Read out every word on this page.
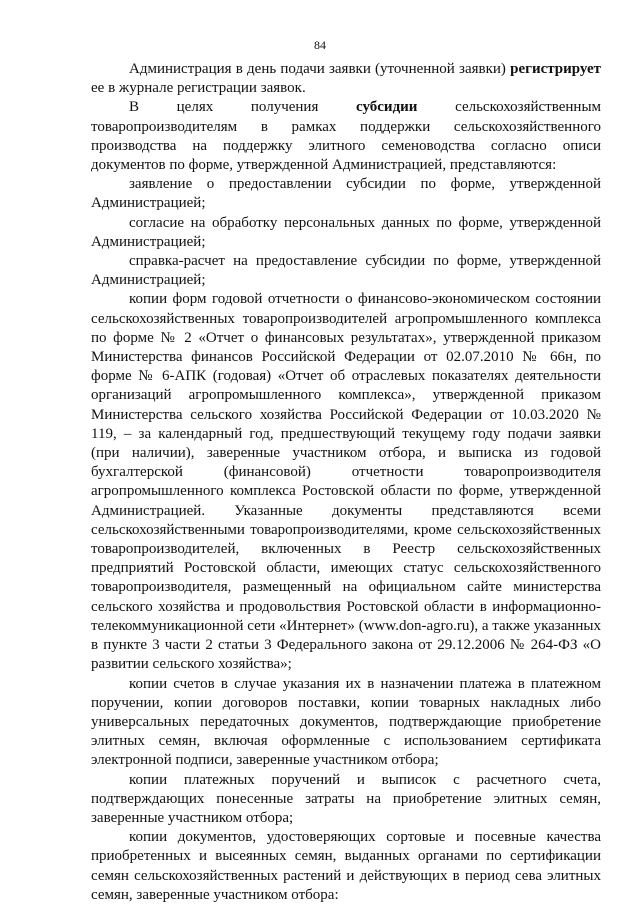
84

Администрация в день подачи заявки (уточненной заявки) регистрирует ее в журнале регистрации заявок.

В целях получения субсидии сельскохозяйственным товаропроизводителям в рамках поддержки сельскохозяйственного производства на поддержку элитного семеноводства согласно описи документов по форме, утвержденной Администрацией, представляются:

заявление о предоставлении субсидии по форме, утвержденной Администрацией;

согласие на обработку персональных данных по форме, утвержденной Администрацией;

справка-расчет на предоставление субсидии по форме, утвержденной Администрацией;

копии форм годовой отчетности о финансово-экономическом состоянии сельскохозяйственных товаропроизводителей агропромышленного комплекса по форме № 2 «Отчет о финансовых результатах», утвержденной приказом Министерства финансов Российской Федерации от 02.07.2010 № 66н, по форме № 6-АПК (годовая) «Отчет об отраслевых показателях деятельности организаций агропромышленного комплекса», утвержденной приказом Министерства сельского хозяйства Российской Федерации от 10.03.2020 № 119, – за календарный год, предшествующий текущему году подачи заявки (при наличии), заверенные участником отбора, и выписка из годовой бухгалтерской (финансовой) отчетности товаропроизводителя агропромышленного комплекса Ростовской области по форме, утвержденной Администрацией. Указанные документы представляются всеми сельскохозяйственными товаропроизводителями, кроме сельскохозяйственных товаропроизводителей, включенных в Реестр сельскохозяйственных предприятий Ростовской области, имеющих статус сельскохозяйственного товаропроизводителя, размещенный на официальном сайте министерства сельского хозяйства и продовольствия Ростовской области в информационно-телекоммуникационной сети «Интернет» (www.don-agro.ru), а также указанных в пункте 3 части 2 статьи 3 Федерального закона от 29.12.2006 № 264-ФЗ «О развитии сельского хозяйства»;

копии счетов в случае указания их в назначении платежа в платежном поручении, копии договоров поставки, копии товарных накладных либо универсальных передаточных документов, подтверждающие приобретение элитных семян, включая оформленные с использованием сертификата электронной подписи, заверенные участником отбора;

копии платежных поручений и выписок с расчетного счета, подтверждающих понесенные затраты на приобретение элитных семян, заверенные участником отбора;

копии документов, удостоверяющих сортовые и посевные качества приобретенных и высеянных семян, выданных органами по сертификации семян сельскохозяйственных растений и действующих в период сева элитных семян, заверенные участником отбора:
